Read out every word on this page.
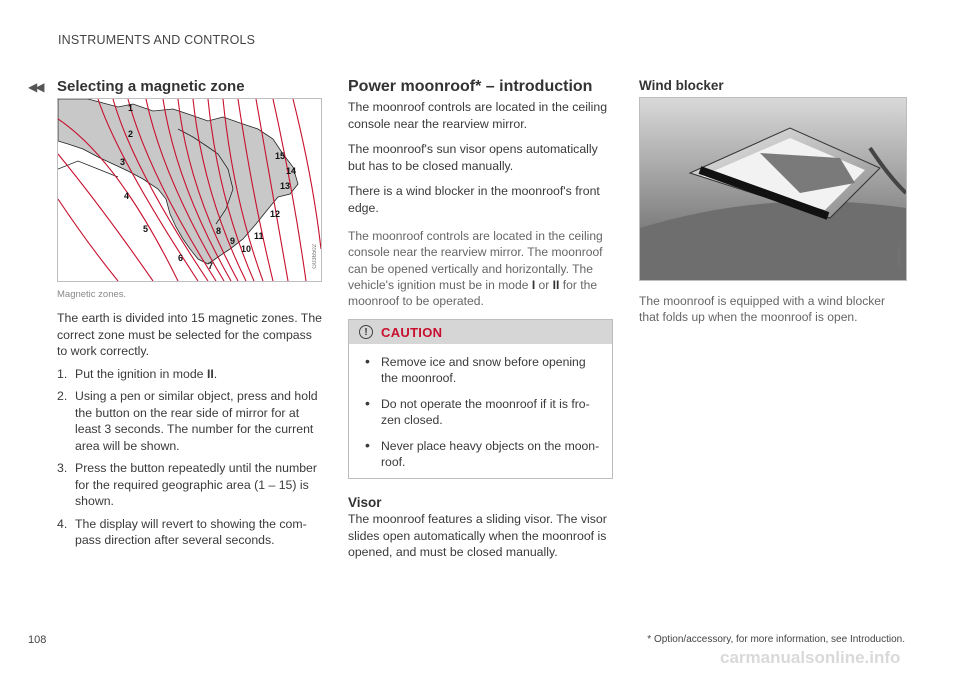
INSTRUMENTS AND CONTROLS
◀◀ Selecting a magnetic zone
1
2
3
4
5
6
7
8
9
10
11
12
13
14
15
G036502

Magnetic zones.

The earth is divided into 15 magnetic zones. The correct zone must be selected for the compass to work correctly.

1. Put the ignition in mode II.
2. Using a pen or similar object, press and hold the button on the rear side of mirror for at least 3 seconds. The number for the current area will be shown.
3. Press the button repeatedly until the number for the required geographic area (1 – 15) is shown.
4. The display will revert to showing the com-pass direction after several seconds.
Power moonroof* – introduction

The moonroof controls are located in the ceiling console near the rearview mirror.

The moonroof's sun visor opens automatically but has to be closed manually.

There is a wind blocker in the moonroof's front edge.

The moonroof controls are located in the ceiling console near the rearview mirror. The moonroof can be opened vertically and horizontally. The vehicle's ignition must be in mode I or II for the moonroof to be operated.

!	CAUTION
• Remove ice and snow before opening the moonroof.
• Do not operate the moonroof if it is fro-zen closed.
• Never place heavy objects on the moon-roof.
Visor

The moonroof features a sliding visor. The visor slides open automatically when the moonroof is opened, and must be closed manually.

Wind blocker
G043471

The moonroof is equipped with a wind blocker that folds up when the moonroof is open.

108	* Option/accessory, for more information, see Introduction.
carmanualsonline.info
